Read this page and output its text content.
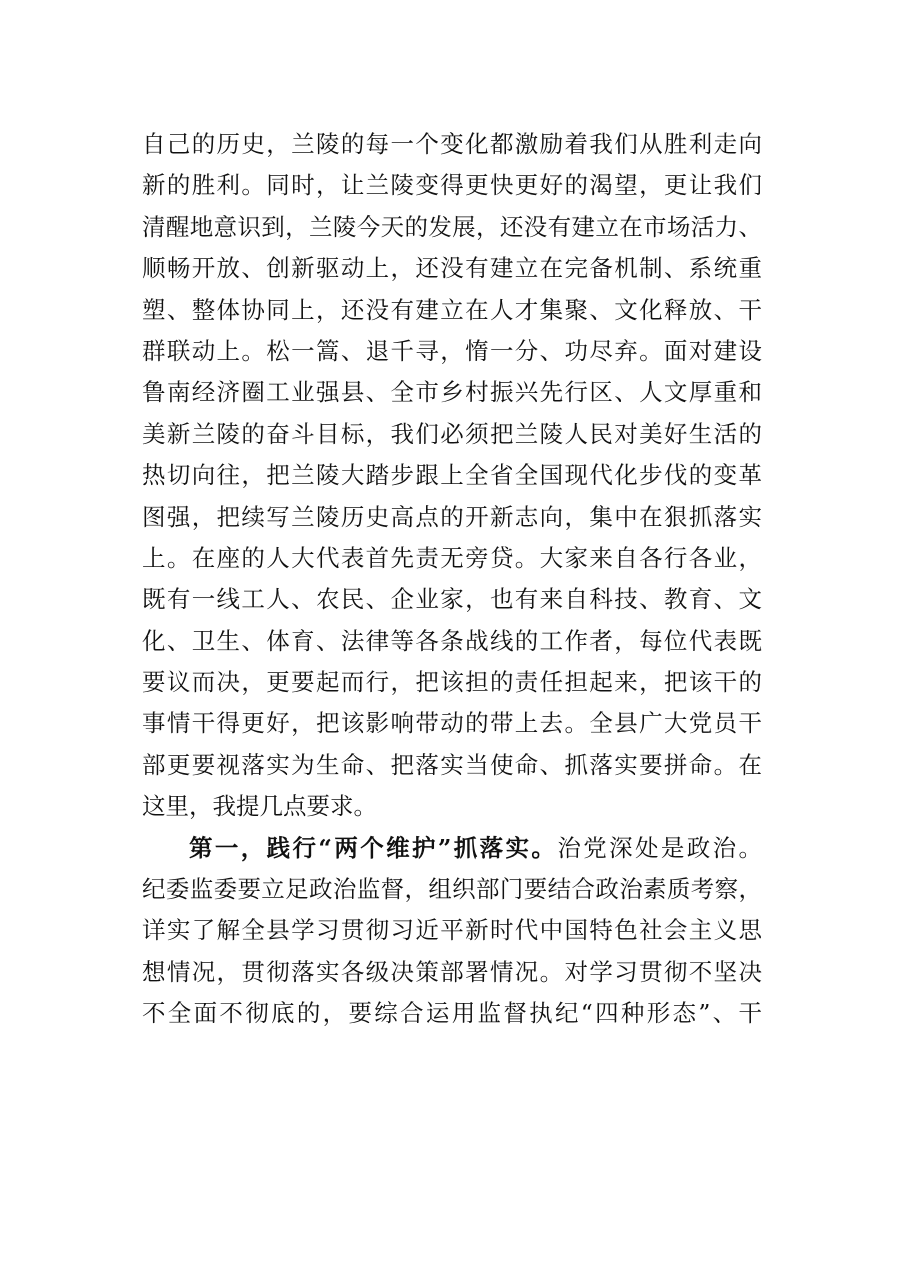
自己的历史，兰陵的每一个变化都激励着我们从胜利走向
新的胜利。同时，让兰陵变得更快更好的渴望，更让我们
清醒地意识到，兰陵今天的发展，还没有建立在市场活力、
顺畅开放、创新驱动上，还没有建立在完备机制、系统重
塑、整体协同上，还没有建立在人才集聚、文化释放、干
群联动上。松一篙、退千寻，惰一分、功尽弃。面对建设
鲁南经济圈工业强县、全市乡村振兴先行区、人文厚重和
美新兰陵的奋斗目标，我们必须把兰陵人民对美好生活的
热切向往，把兰陵大踏步跟上全省全国现代化步伐的变革
图强，把续写兰陵历史高点的开新志向，集中在狠抓落实
上。在座的人大代表首先责无旁贷。大家来自各行各业，
既有一线工人、农民、企业家，也有来自科技、教育、文
化、卫生、体育、法律等各条战线的工作者，每位代表既
要议而决，更要起而行，把该担的责任担起来，把该干的
事情干得更好，把该影响带动的带上去。全县广大党员干
部更要视落实为生命、把落实当使命、抓落实要拼命。在
这里，我提几点要求。
第一，践行“两个维护”抓落实。治党深处是政治。
纪委监委要立足政治监督，组织部门要结合政治素质考察，
详实了解全县学习贯彻习近平新时代中国特色社会主义思
想情况，贯彻落实各级决策部署情况。对学习贯彻不坚决
不全面不彻底的，要综合运用监督执纪“四种形态”、干
